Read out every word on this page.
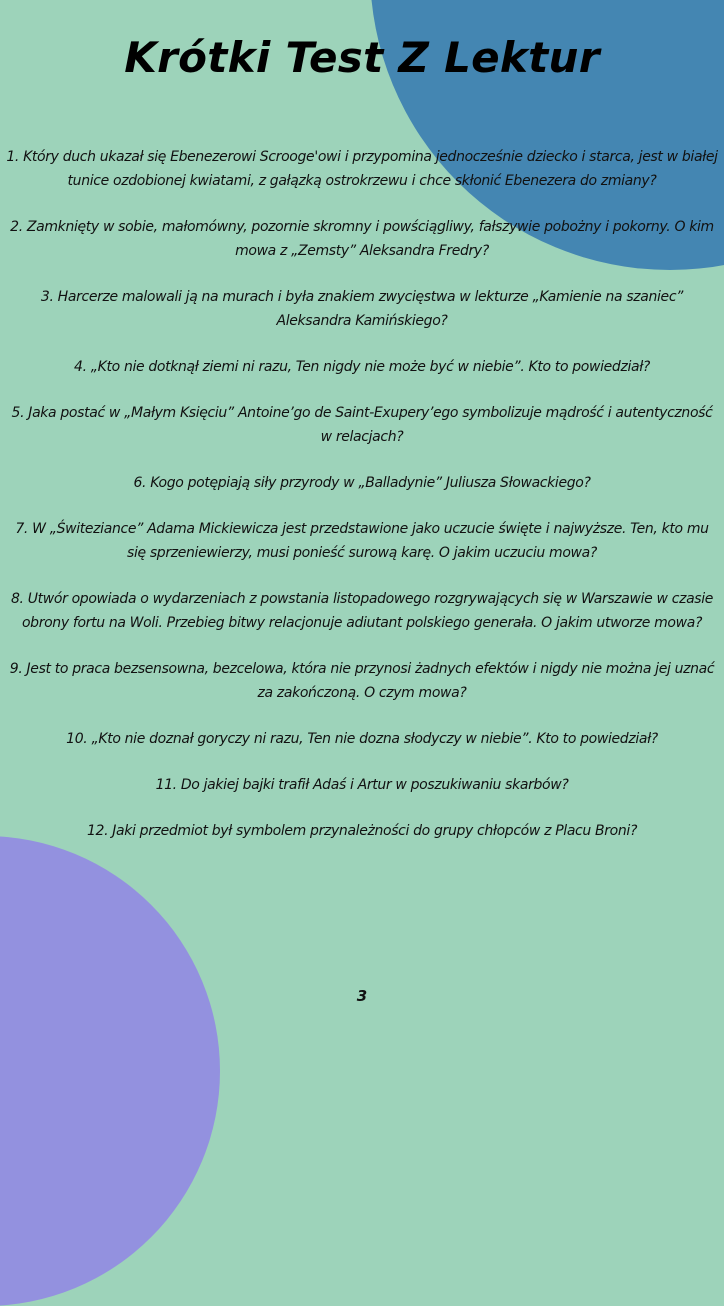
Krótki Test Z Lektur
1. Który duch ukazał się Ebenezerowi Scrooge'owi i przypomina jednocześnie dziecko i starca, jest w białej tunice ozdobionej kwiatami, z gałązką ostrokrzewu i chce skłonić Ebenezera do zmiany?
2. Zamknięty w sobie, małomówny, pozornie skromny i powściągliwy, fałszywie pobożny i pokorny. O kim mowa z „Zemsty” Aleksandra Fredry?
3. Harcerze malowali ją na murach i była znakiem zwycięstwa w lekturze „Kamienie na szaniec” Aleksandra Kamińskiego?
4. „Kto nie dotknął ziemi ni razu, Ten nigdy nie może być w niebie”. Kto to powiedział?
5. Jaka postać w „Małym Księciu” Antoine’go de Saint-Exupery’ego symbolizuje mądrość i autentyczność w relacjach?
6. Kogo potępiają siły przyrody w „Balladynie” Juliusza Słowackiego?
7. W „Świteziance” Adama Mickiewicza jest przedstawione jako uczucie święte i najwyższe. Ten, kto mu się sprzeniewierzy, musi ponieść surową karę. O jakim uczuciu mowa?
8. Utwór opowiada o wydarzeniach z powstania listopadowego rozgrywających się w Warszawie w czasie obrony fortu na Woli. Przebieg bitwy relacjonuje adiutant polskiego generała. O jakim utworze mowa?
9. Jest to praca bezsensowna, bezcelowa, która nie przynosi żadnych efektów i nigdy nie można jej uznać za zakończoną. O czym mowa?
10. „Kto nie doznał goryczy ni razu, Ten nie dozna słodyczy w niebie”. Kto to powiedział?
11. Do jakiej bajki trafił Adaś i Artur w poszukiwaniu skarbów?
12. Jaki przedmiot był symbolem przynależności do grupy chłopców z Placu Broni?
3
